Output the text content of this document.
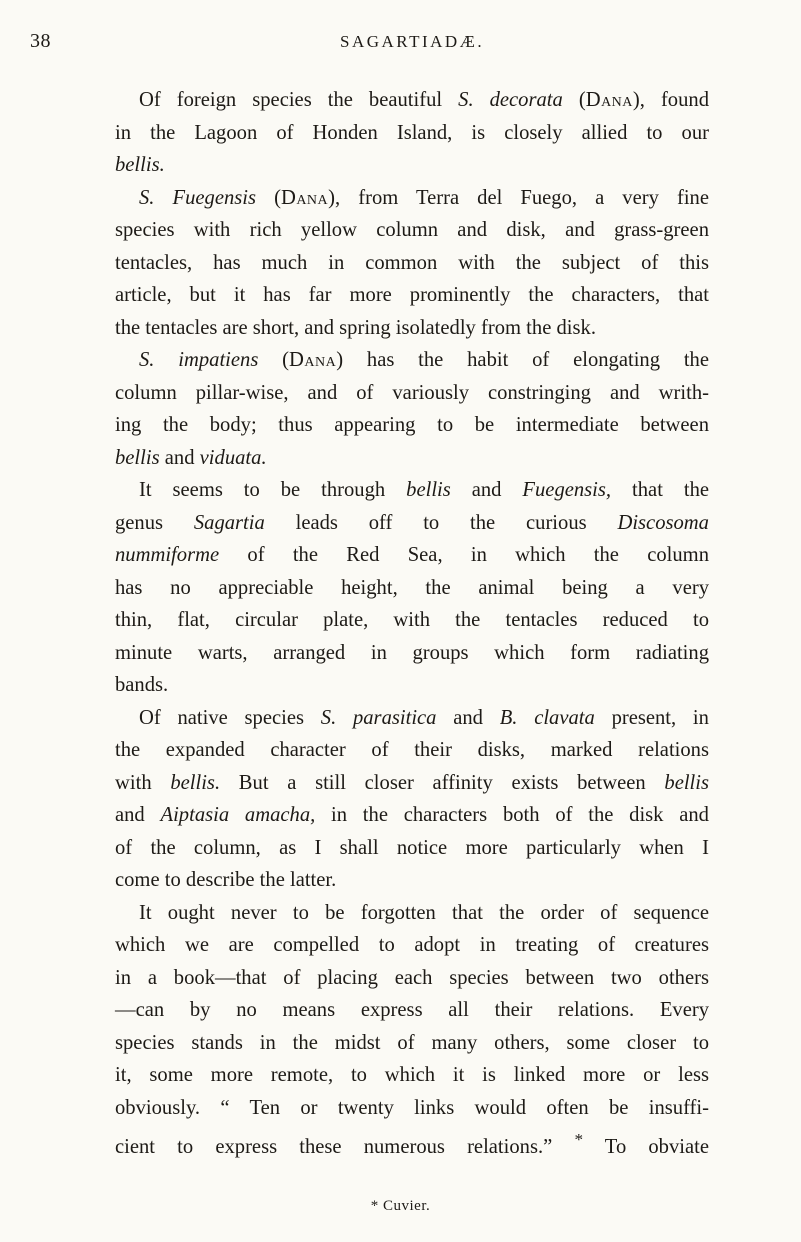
38	SAGARTIADÆ.
Of foreign species the beautiful S. decorata (Dana), found
in the Lagoon of Honden Island, is closely allied to our
bellis.
S. Fuegensis (Dana), from Terra del Fuego, a very fine
species with rich yellow column and disk, and grass-green
tentacles, has much in common with the subject of this
article, but it has far more prominently the characters, that
the tentacles are short, and spring isolatedly from the disk.
S. impatiens (Dana) has the habit of elongating the
column pillar-wise, and of variously constringing and writh-
ing the body; thus appearing to be intermediate between
bellis and viduata.
It seems to be through bellis and Fuegensis, that the
genus Sagartia leads off to the curious Discosoma
nummiforme of the Red Sea, in which the column
has no appreciable height, the animal being a very
thin, flat, circular plate, with the tentacles reduced to
minute warts, arranged in groups which form radiating
bands.
Of native species S. parasitica and B. clavata present, in
the expanded character of their disks, marked relations
with bellis. But a still closer affinity exists between bellis
and Aiptasia amacha, in the characters both of the disk and
of the column, as I shall notice more particularly when I
come to describe the latter.
It ought never to be forgotten that the order of sequence
which we are compelled to adopt in treating of creatures
in a book—that of placing each species between two others
—can by no means express all their relations. Every
species stands in the midst of many others, some closer to
it, some more remote, to which it is linked more or less
obviously. “ Ten or twenty links would often be insuffi-
cient to express these numerous relations.” * To obviate
* Cuvier.
